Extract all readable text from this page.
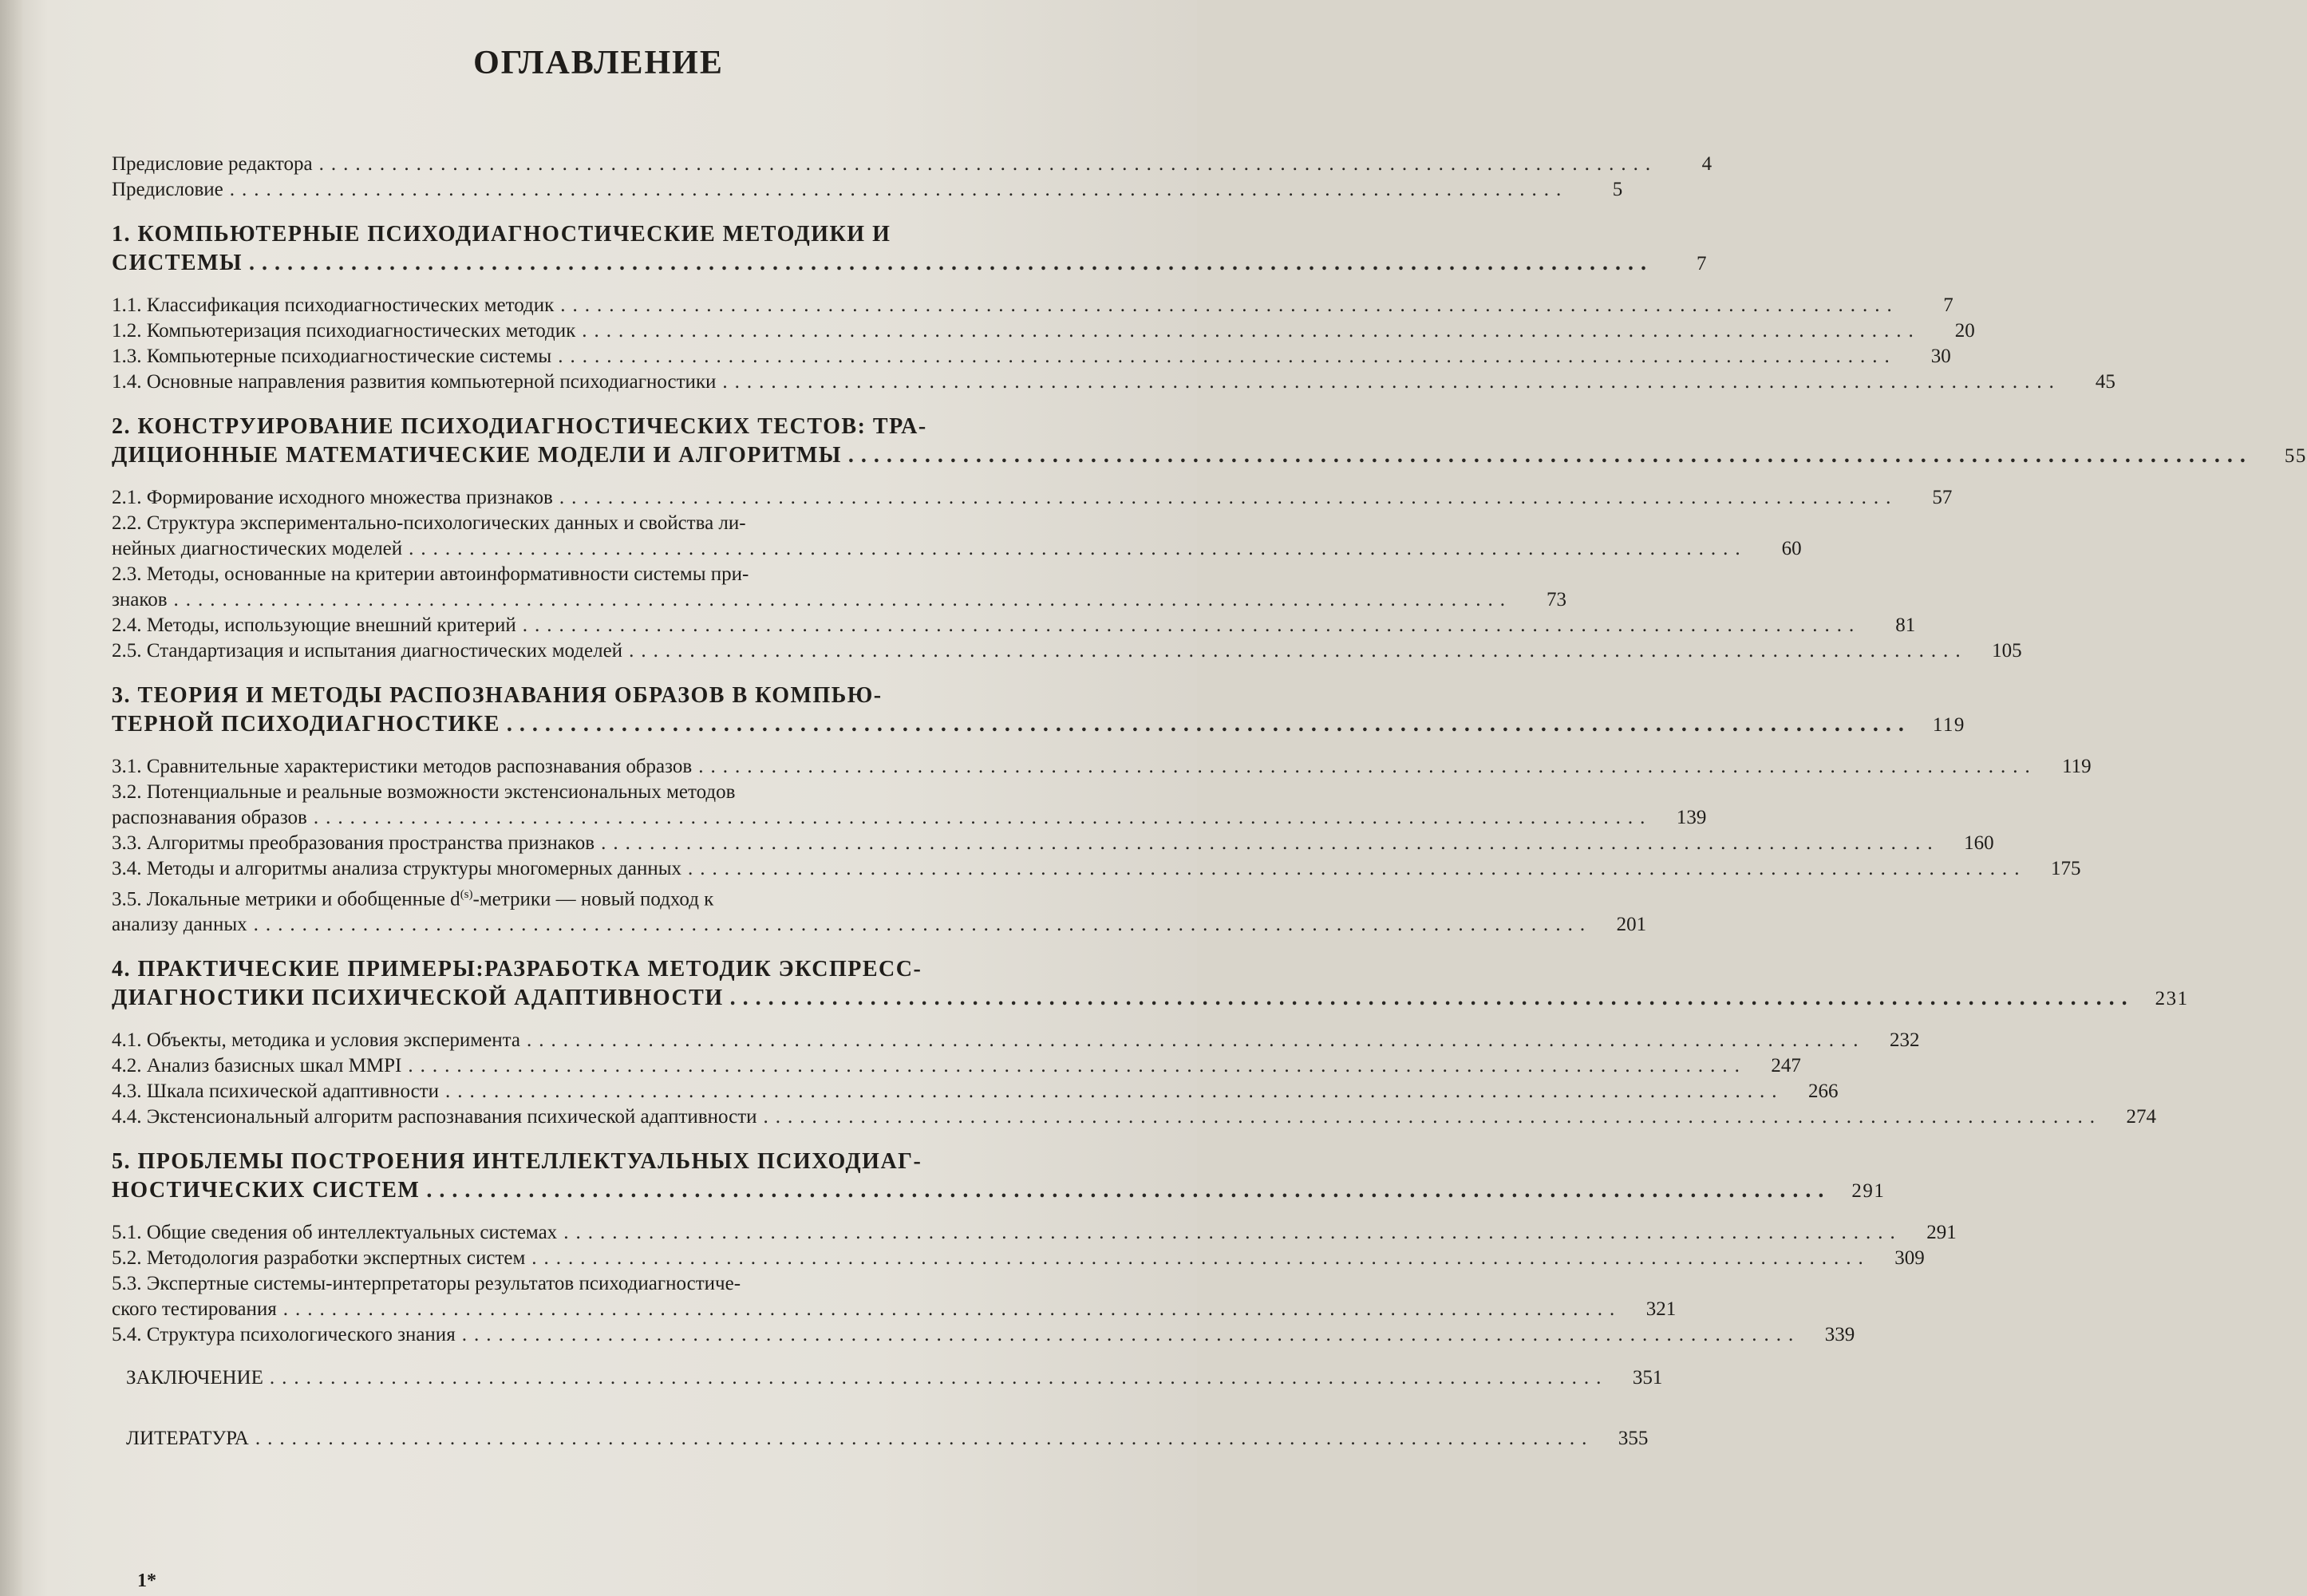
ОГЛАВЛЕНИЕ
Предисловие редактора ..............................................................................................................	4
Предисловие ..............................................................................................................	5
1. КОМПЬЮТЕРНЫЕ ПСИХОДИАГНОСТИЧЕСКИЕ МЕТОДИКИ И
СИСТЕМЫ ..............................................................................................................	7
1.1. Классификация психодиагностических методик ..............................................................................................................	7
1.2. Компьютеризация психодиагностических методик ..............................................................................................................	20
1.3. Компьютерные психодиагностические системы ..............................................................................................................	30
1.4. Основные направления развития компьютерной психодиагностики ..............................................................................................................	45
2. КОНСТРУИРОВАНИЕ ПСИХОДИАГНОСТИЧЕСКИХ ТЕСТОВ: ТРА-
ДИЦИОННЫЕ МАТЕМАТИЧЕСКИЕ МОДЕЛИ И АЛГОРИТМЫ ..............................................................................................................	55
2.1. Формирование исходного множества признаков ..............................................................................................................	57
2.2. Структура экспериментально-психологических данных и свойства ли-
нейных диагностических моделей ..............................................................................................................	60
2.3. Методы, основанные на критерии автоинформативности системы при-
знаков ..............................................................................................................	73
2.4. Методы, использующие внешний критерий ..............................................................................................................	81
2.5. Стандартизация и испытания диагностических моделей ..............................................................................................................	105
3. ТЕОРИЯ И МЕТОДЫ РАСПОЗНАВАНИЯ ОБРАЗОВ В КОМПЬЮ-
ТЕРНОЙ ПСИХОДИАГНОСТИКЕ ..............................................................................................................	119
3.1. Сравнительные характеристики методов распознавания образов ..............................................................................................................	119
3.2. Потенциальные и реальные возможности экстенсиональных методов
распознавания образов ..............................................................................................................	139
3.3. Алгоритмы преобразования пространства признаков ..............................................................................................................	160
3.4. Методы и алгоритмы анализа структуры многомерных данных ..............................................................................................................	175
3.5. Локальные метрики и обобщенные $d^{(s)}$-метрики — новый подход к
анализу данных ..............................................................................................................	201
4. ПРАКТИЧЕСКИЕ ПРИМЕРЫ:РАЗРАБОТКА МЕТОДИК ЭКСПРЕСС-
ДИАГНОСТИКИ ПСИХИЧЕСКОЙ АДАПТИВНОСТИ ..............................................................................................................	231
4.1. Объекты, методика и условия эксперимента ..............................................................................................................	232
4.2. Анализ базисных шкал MMPI ..............................................................................................................	247
4.3. Шкала психической адаптивности ..............................................................................................................	266
4.4. Экстенсиональный алгоритм распознавания психической адаптивности ..............................................................................................................	274
5. ПРОБЛЕМЫ ПОСТРОЕНИЯ ИНТЕЛЛЕКТУАЛЬНЫХ ПСИХОДИАГ-
НОСТИЧЕСКИХ СИСТЕМ ..............................................................................................................	291
5.1. Общие сведения об интеллектуальных системах ..............................................................................................................	291
5.2. Методология разработки экспертных систем ..............................................................................................................	309
5.3. Экспертные системы-интерпретаторы результатов психодиагностиче-
ского тестирования ..............................................................................................................	321
5.4. Структура психологического знания ..............................................................................................................	339
ЗАКЛЮЧЕНИЕ ..............................................................................................................	351
ЛИТЕРАТУРА ..............................................................................................................	355
1*
